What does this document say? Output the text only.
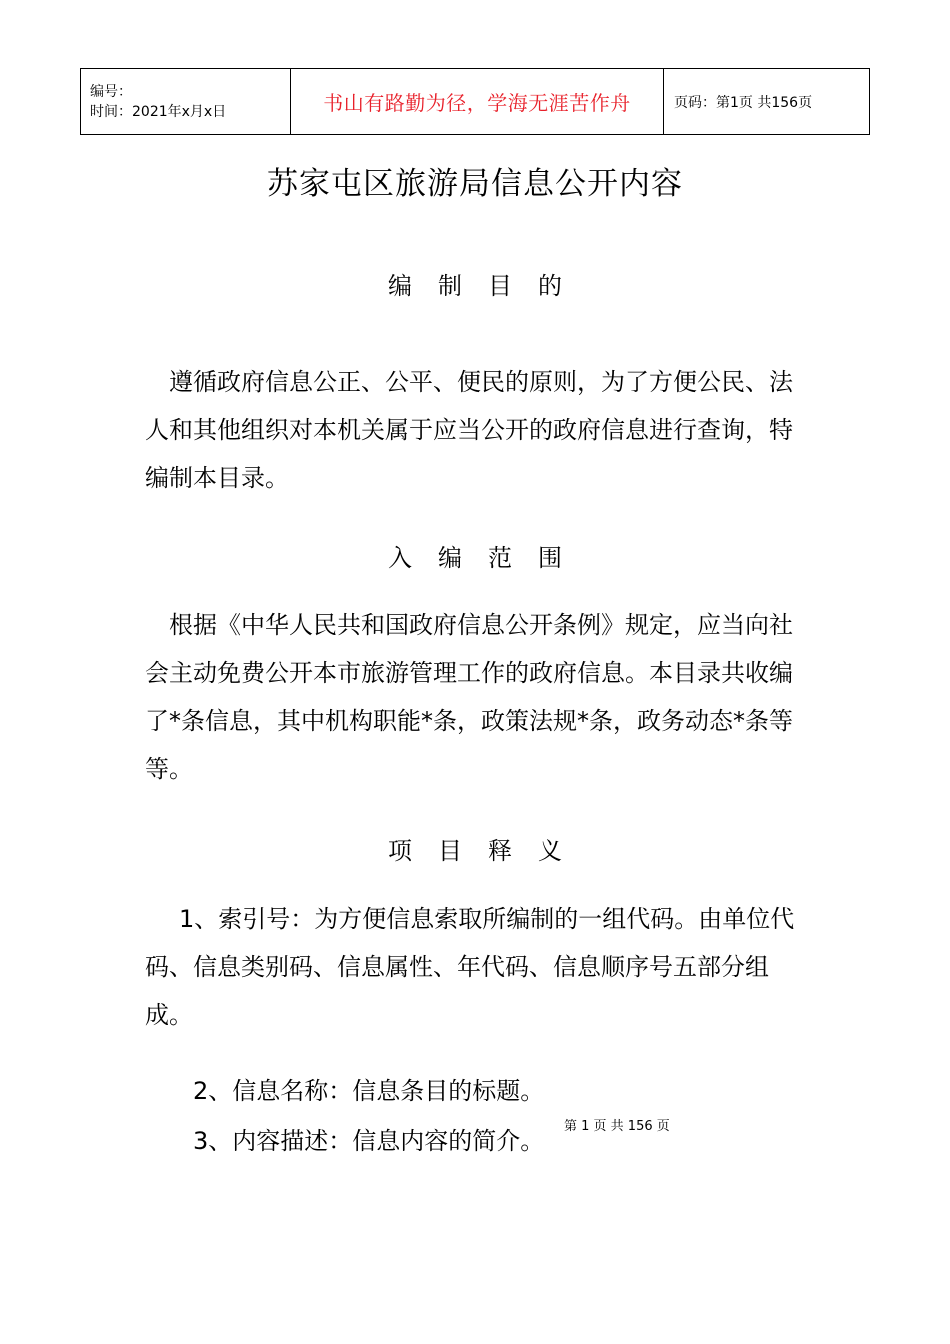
编号：
时间：2021年x月x日	书山有路勤为径，学海无涯苦作舟	页码：第1页 共156页
苏家屯区旅游局信息公开内容
编制目的
遵循政府信息公正、公平、便民的原则，为了方便公民、法人和其他组织对本机关属于应当公开的政府信息进行查询，特编制本目录。
入编范围
根据《中华人民共和国政府信息公开条例》规定，应当向社会主动免费公开本市旅游管理工作的政府信息。本目录共收编了*条信息，其中机构职能*条，政策法规*条，政务动态*条等等。
项目释义
1、索引号：为方便信息索取所编制的一组代码。由单位代码、信息类别码、信息属性、年代码、信息顺序号五部分组成。
2、信息名称：信息条目的标题。
3、内容描述：信息内容的简介。
第 1 页 共 156 页
